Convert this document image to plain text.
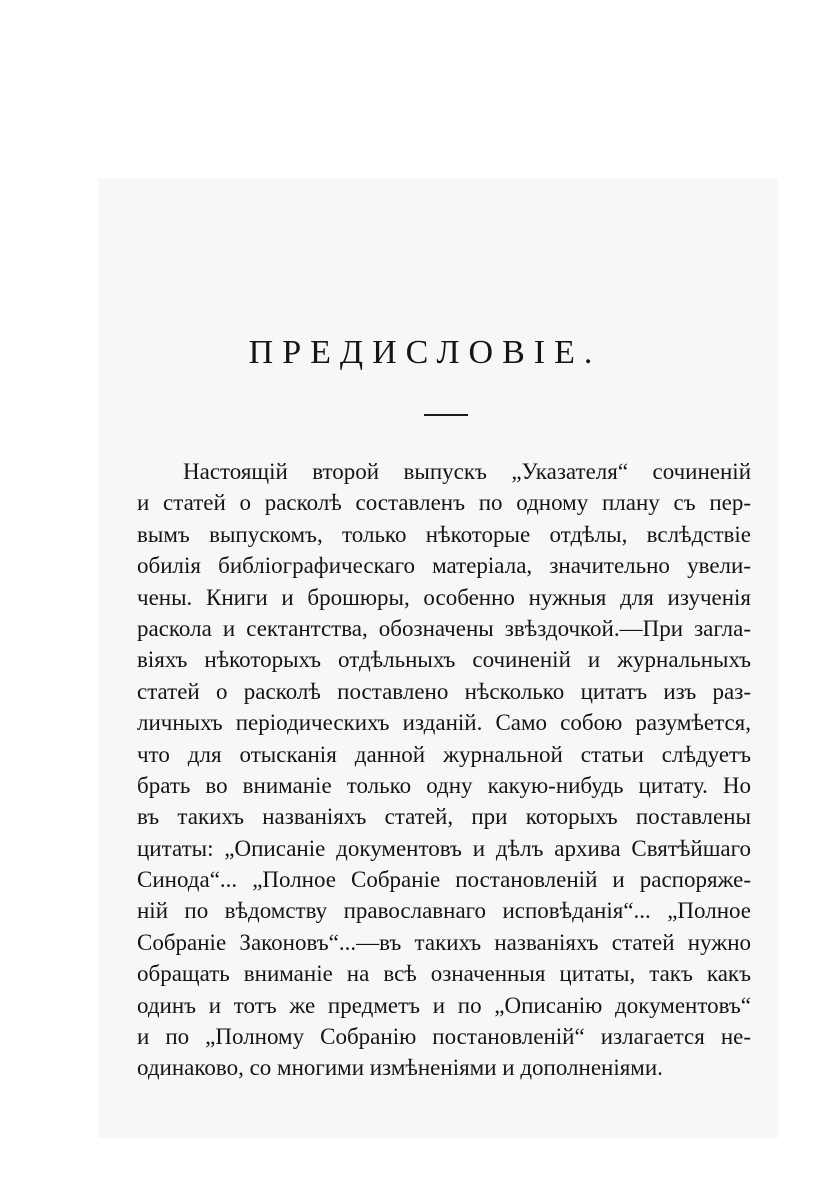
ПРЕДИСЛОВІЕ.
Настоящій второй выпускъ „Указателя“ сочиненій
и статей о расколѣ составленъ по одному плану съ пер-
вымъ выпускомъ, только нѣкоторые отдѣлы, вслѣдствіе
обилія библіографическаго матеріала, значительно увели-
чены. Книги и брошюры, особенно нужныя для изученія
раскола и сектантства, обозначены звѣздочкой.—При загла-
віяхъ нѣкоторыхъ отдѣльныхъ сочиненій и журнальныхъ
статей о расколѣ поставлено нѣсколько цитатъ изъ раз-
личныхъ періодическихъ изданій. Само собою разумѣется,
что для отысканія данной журнальной статьи слѣдуетъ
брать во вниманіе только одну какую-нибудь цитату. Но
въ такихъ названіяхъ статей, при которыхъ поставлены
цитаты: „Описаніе документовъ и дѣлъ архива Святѣйшаго
Синода“... „Полное Собраніе постановленій и распоряже-
ній по вѣдомству православнаго исповѣданія“... „Полное
Собраніе Законовъ“...—въ такихъ названіяхъ статей нужно
обращать вниманіе на всѣ означенныя цитаты, такъ какъ
одинъ и тотъ же предметъ и по „Описанію документовъ“
и по „Полному Собранію постановленій“ излагается не-
одинаково, со многими измѣненіями и дополненіями.
